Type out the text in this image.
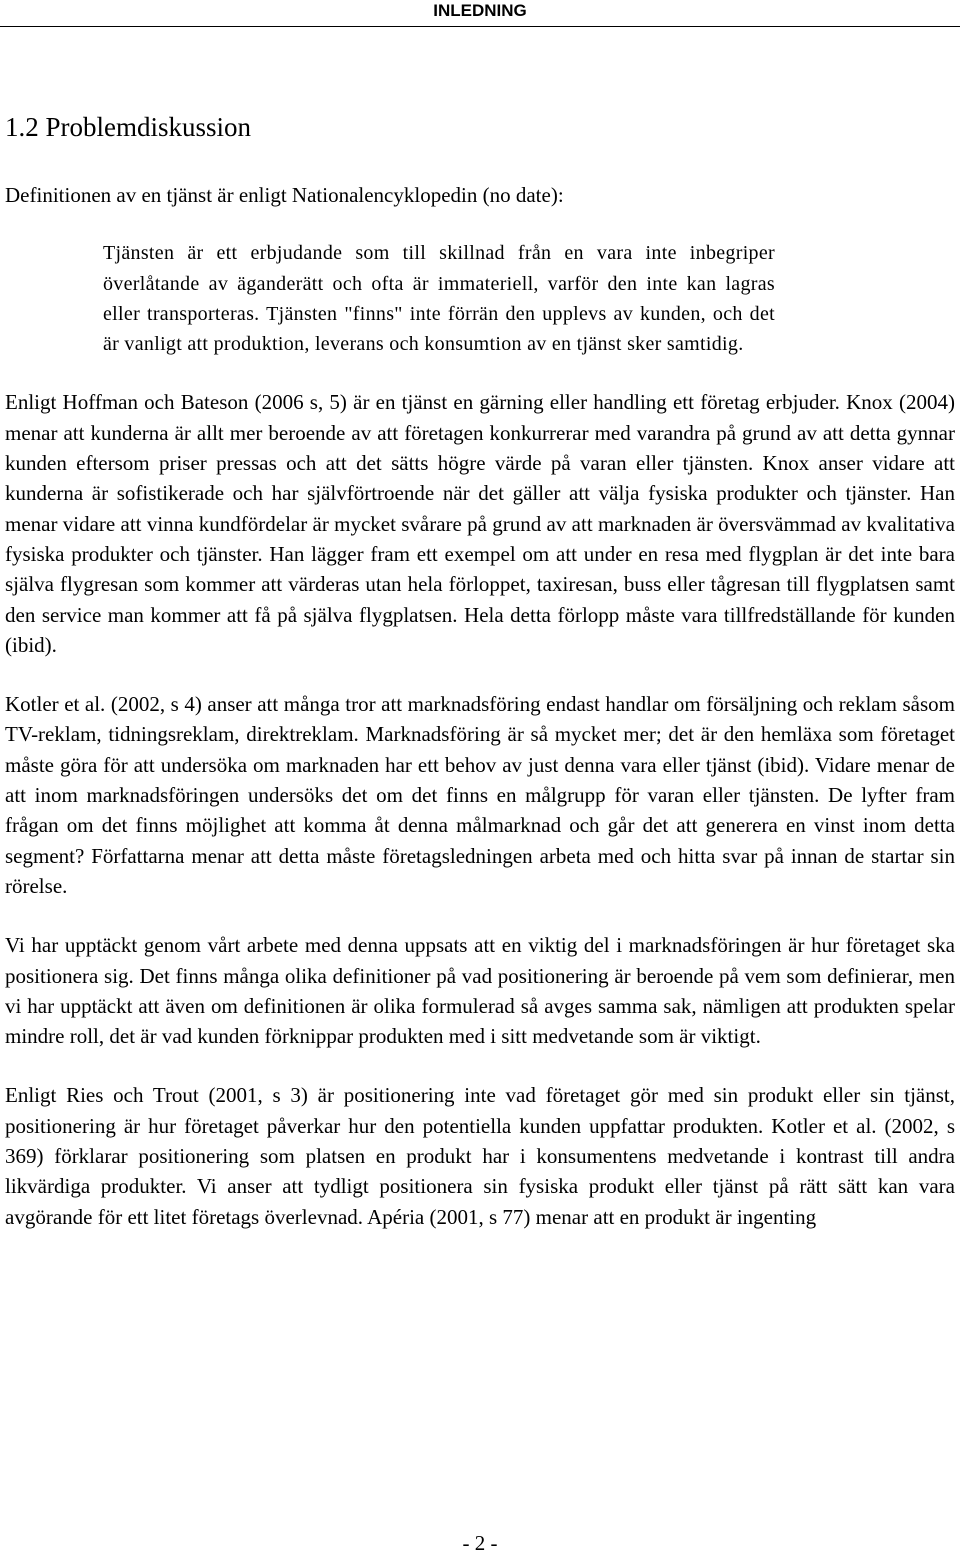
INLEDNING
1.2 Problemdiskussion

Definitionen av en tjänst är enligt Nationalencyklopedin (no date):

Tjänsten är ett erbjudande som till skillnad från en vara inte inbegriper överlåtande av äganderätt och ofta är immateriell, varför den inte kan lagras eller transporteras. Tjänsten "finns" inte förrän den upplevs av kunden, och det är vanligt att produktion, leverans och konsumtion av en tjänst sker samtidig.

Enligt Hoffman och Bateson (2006 s, 5) är en tjänst en gärning eller handling ett företag erbjuder. Knox (2004) menar att kunderna är allt mer beroende av att företagen konkurrerar med varandra på grund av att detta gynnar kunden eftersom priser pressas och att det sätts högre värde på varan eller tjänsten. Knox anser vidare att kunderna är sofistikerade och har självförtroende när det gäller att välja fysiska produkter och tjänster. Han menar vidare att vinna kundfördelar är mycket svårare på grund av att marknaden är översvämmad av kvalitativa fysiska produkter och tjänster. Han lägger fram ett exempel om att under en resa med flygplan är det inte bara själva flygresan som kommer att värderas utan hela förloppet, taxiresan, buss eller tågresan till flygplatsen samt den service man kommer att få på själva flygplatsen. Hela detta förlopp måste vara tillfredställande för kunden (ibid).

Kotler et al. (2002, s 4) anser att många tror att marknadsföring endast handlar om försäljning och reklam såsom TV-reklam, tidningsreklam, direktreklam. Marknadsföring är så mycket mer; det är den hemläxa som företaget måste göra för att undersöka om marknaden har ett behov av just denna vara eller tjänst (ibid). Vidare menar de att inom marknadsföringen undersöks det om det finns en målgrupp för varan eller tjänsten. De lyfter fram frågan om det finns möjlighet att komma åt denna målmarknad och går det att generera en vinst inom detta segment? Författarna menar att detta måste företagsledningen arbeta med och hitta svar på innan de startar sin rörelse.

Vi har upptäckt genom vårt arbete med denna uppsats att en viktig del i marknadsföringen är hur företaget ska positionera sig. Det finns många olika definitioner på vad positionering är beroende på vem som definierar, men vi har upptäckt att även om definitionen är olika formulerad så avges samma sak, nämligen att produkten spelar mindre roll, det är vad kunden förknippar produkten med i sitt medvetande som är viktigt.

Enligt Ries och Trout (2001, s 3) är positionering inte vad företaget gör med sin produkt eller sin tjänst, positionering är hur företaget påverkar hur den potentiella kunden uppfattar produkten. Kotler et al. (2002, s 369) förklarar positionering som platsen en produkt har i konsumentens medvetande i kontrast till andra likvärdiga produkter. Vi anser att tydligt positionera sin fysiska produkt eller tjänst på rätt sätt kan vara avgörande för ett litet företags överlevnad. Apéria (2001, s 77) menar att en produkt är ingenting

- 2 -
